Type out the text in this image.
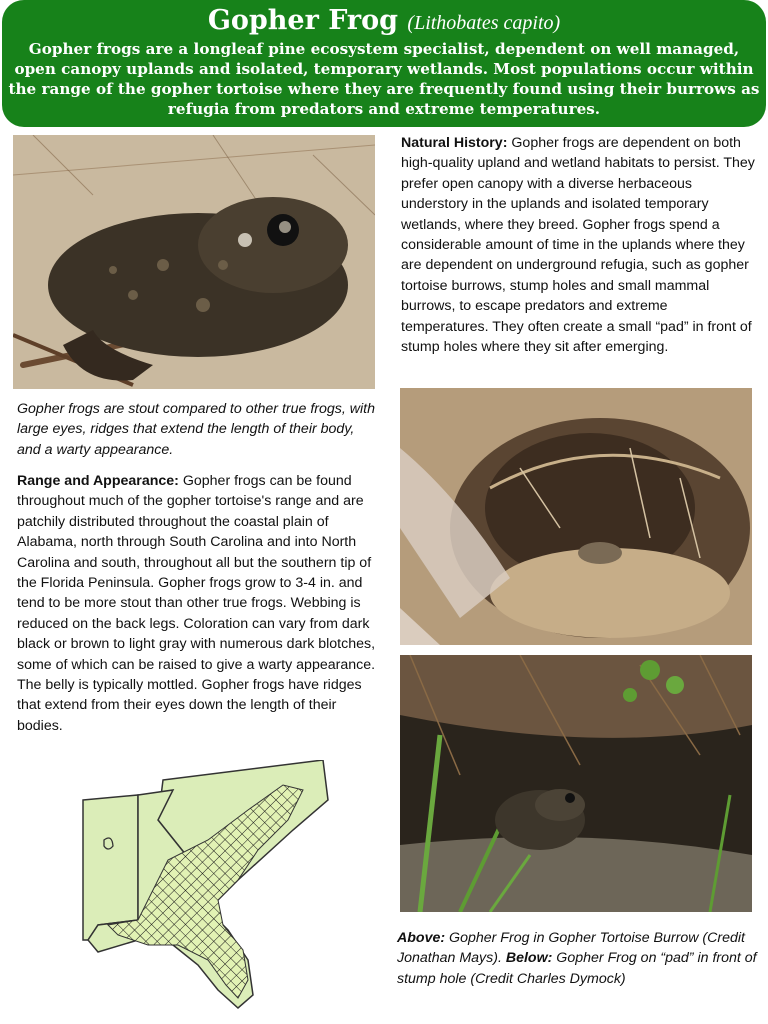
Gopher Frog (Lithobates capito)
Gopher frogs are a longleaf pine ecosystem specialist, dependent on well managed, open canopy uplands and isolated, temporary wetlands. Most populations occur within the range of the gopher tortoise where they are frequently found using their burrows as refugia from predators and extreme temperatures.
Gopher frogs are stout compared to other true frogs, with large eyes, ridges that extend the length of their body, and a warty appearance.
Range and Appearance: Gopher frogs can be found throughout much of the gopher tortoise's range and are patchily distributed throughout the coastal plain of Alabama, north through South Carolina and into North Carolina and south, throughout all but the southern tip of the Florida Peninsula. Gopher frogs grow to 3-4 in. and tend to be more stout than other true frogs. Webbing is reduced on the back legs. Coloration can vary from dark black or brown to light gray with numerous dark blotches, some of which can be raised to give a warty appearance. The belly is typically mottled. Gopher frogs have ridges that extend from their eyes down the length of their bodies.
Natural History: Gopher frogs are dependent on both high-quality upland and wetland habitats to persist. They prefer open canopy with a diverse herbaceous understory in the uplands and isolated temporary wetlands, where they breed. Gopher frogs spend a considerable amount of time in the uplands where they are dependent on underground refugia, such as gopher tortoise burrows, stump holes and small mammal burrows, to escape predators and extreme temperatures. They often create a small “pad” in front of stump holes where they sit after emerging.
Above: Gopher Frog in Gopher Tortoise Burrow (Credit Jonathan Mays). Below: Gopher Frog on “pad” in front of stump hole (Credit Charles Dymock)
